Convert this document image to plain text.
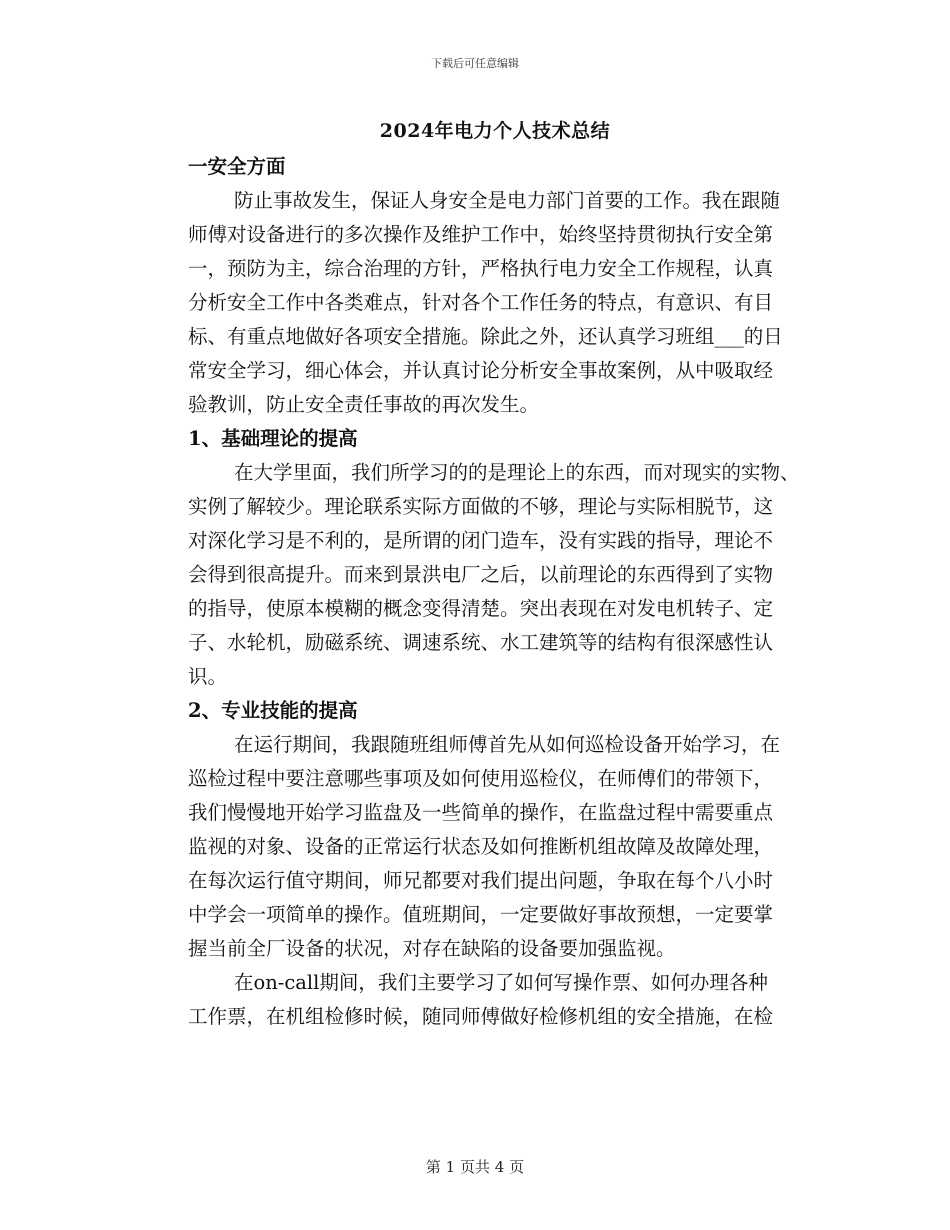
下载后可任意编辑
2024年电力个人技术总结
一安全方面
防止事故发生，保证人身安全是电力部门首要的工作。我在跟随
师傅对设备进行的多次操作及维护工作中，始终坚持贯彻执行安全第
一，预防为主，综合治理的方针，严格执行电力安全工作规程，认真
分析安全工作中各类难点，针对各个工作任务的特点，有意识、有目
标、有重点地做好各项安全措施。除此之外，还认真学习班组___的日
常安全学习，细心体会，并认真讨论分析安全事故案例，从中吸取经
验教训，防止安全责任事故的再次发生。
1、基础理论的提高
在大学里面，我们所学习的的是理论上的东西，而对现实的实物、
实例了解较少。理论联系实际方面做的不够，理论与实际相脱节，这
对深化学习是不利的，是所谓的闭门造车，没有实践的指导，理论不
会得到很高提升。而来到景洪电厂之后，以前理论的东西得到了实物
的指导，使原本模糊的概念变得清楚。突出表现在对发电机转子、定
子、水轮机，励磁系统、调速系统、水工建筑等的结构有很深感性认
识。
2、专业技能的提高
在运行期间，我跟随班组师傅首先从如何巡检设备开始学习，在
巡检过程中要注意哪些事项及如何使用巡检仪，在师傅们的带领下，
我们慢慢地开始学习监盘及一些简单的操作，在监盘过程中需要重点
监视的对象、设备的正常运行状态及如何推断机组故障及故障处理，
在每次运行值守期间，师兄都要对我们提出问题，争取在每个八小时
中学会一项简单的操作。值班期间，一定要做好事故预想，一定要掌
握当前全厂设备的状况，对存在缺陷的设备要加强监视。
在on-call期间，我们主要学习了如何写操作票、如何办理各种
工作票，在机组检修时候，随同师傅做好检修机组的安全措施，在检
第 1 页共 4 页
